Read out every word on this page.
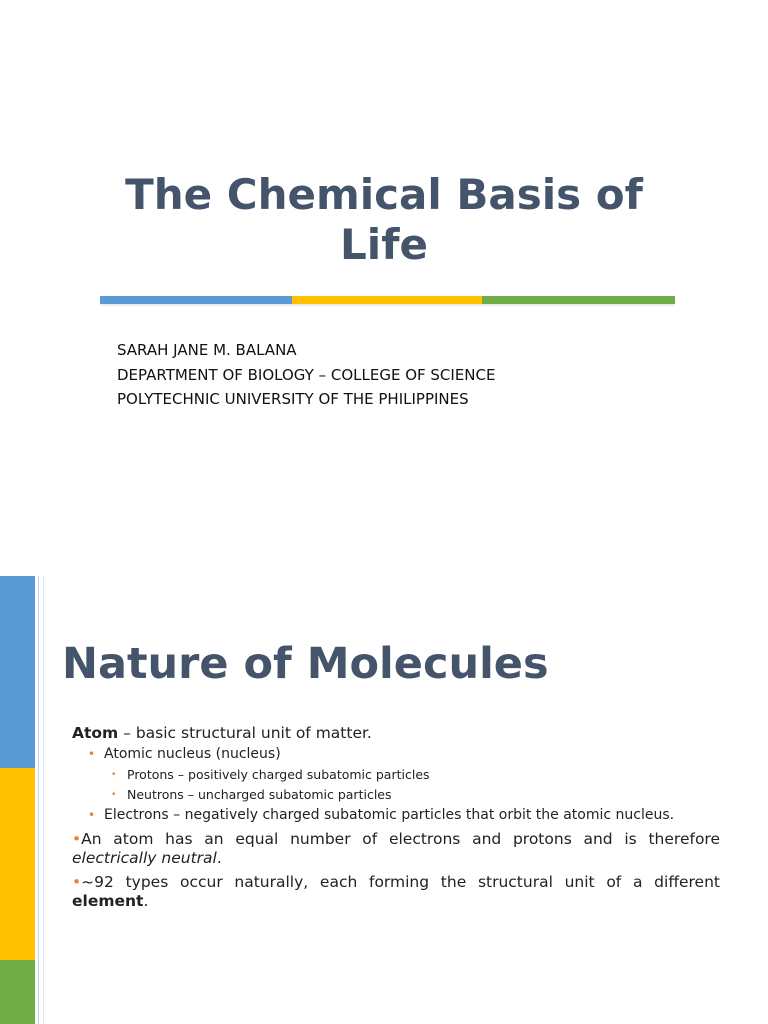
The Chemical Basis of
Life
SARAH JANE M. BALANA
DEPARTMENT OF BIOLOGY – COLLEGE OF SCIENCE
POLYTECHNIC UNIVERSITY OF THE PHILIPPINES
Nature of Molecules
Atom – basic structural unit of matter.
• Atomic nucleus (nucleus)
• Protons – positively charged subatomic particles
• Neutrons – uncharged subatomic particles
• Electrons – negatively charged subatomic particles that orbit the atomic nucleus.
•An atom has an equal number of electrons and protons and is therefore electrically neutral.
•~92 types occur naturally, each forming the structural unit of a different element.
